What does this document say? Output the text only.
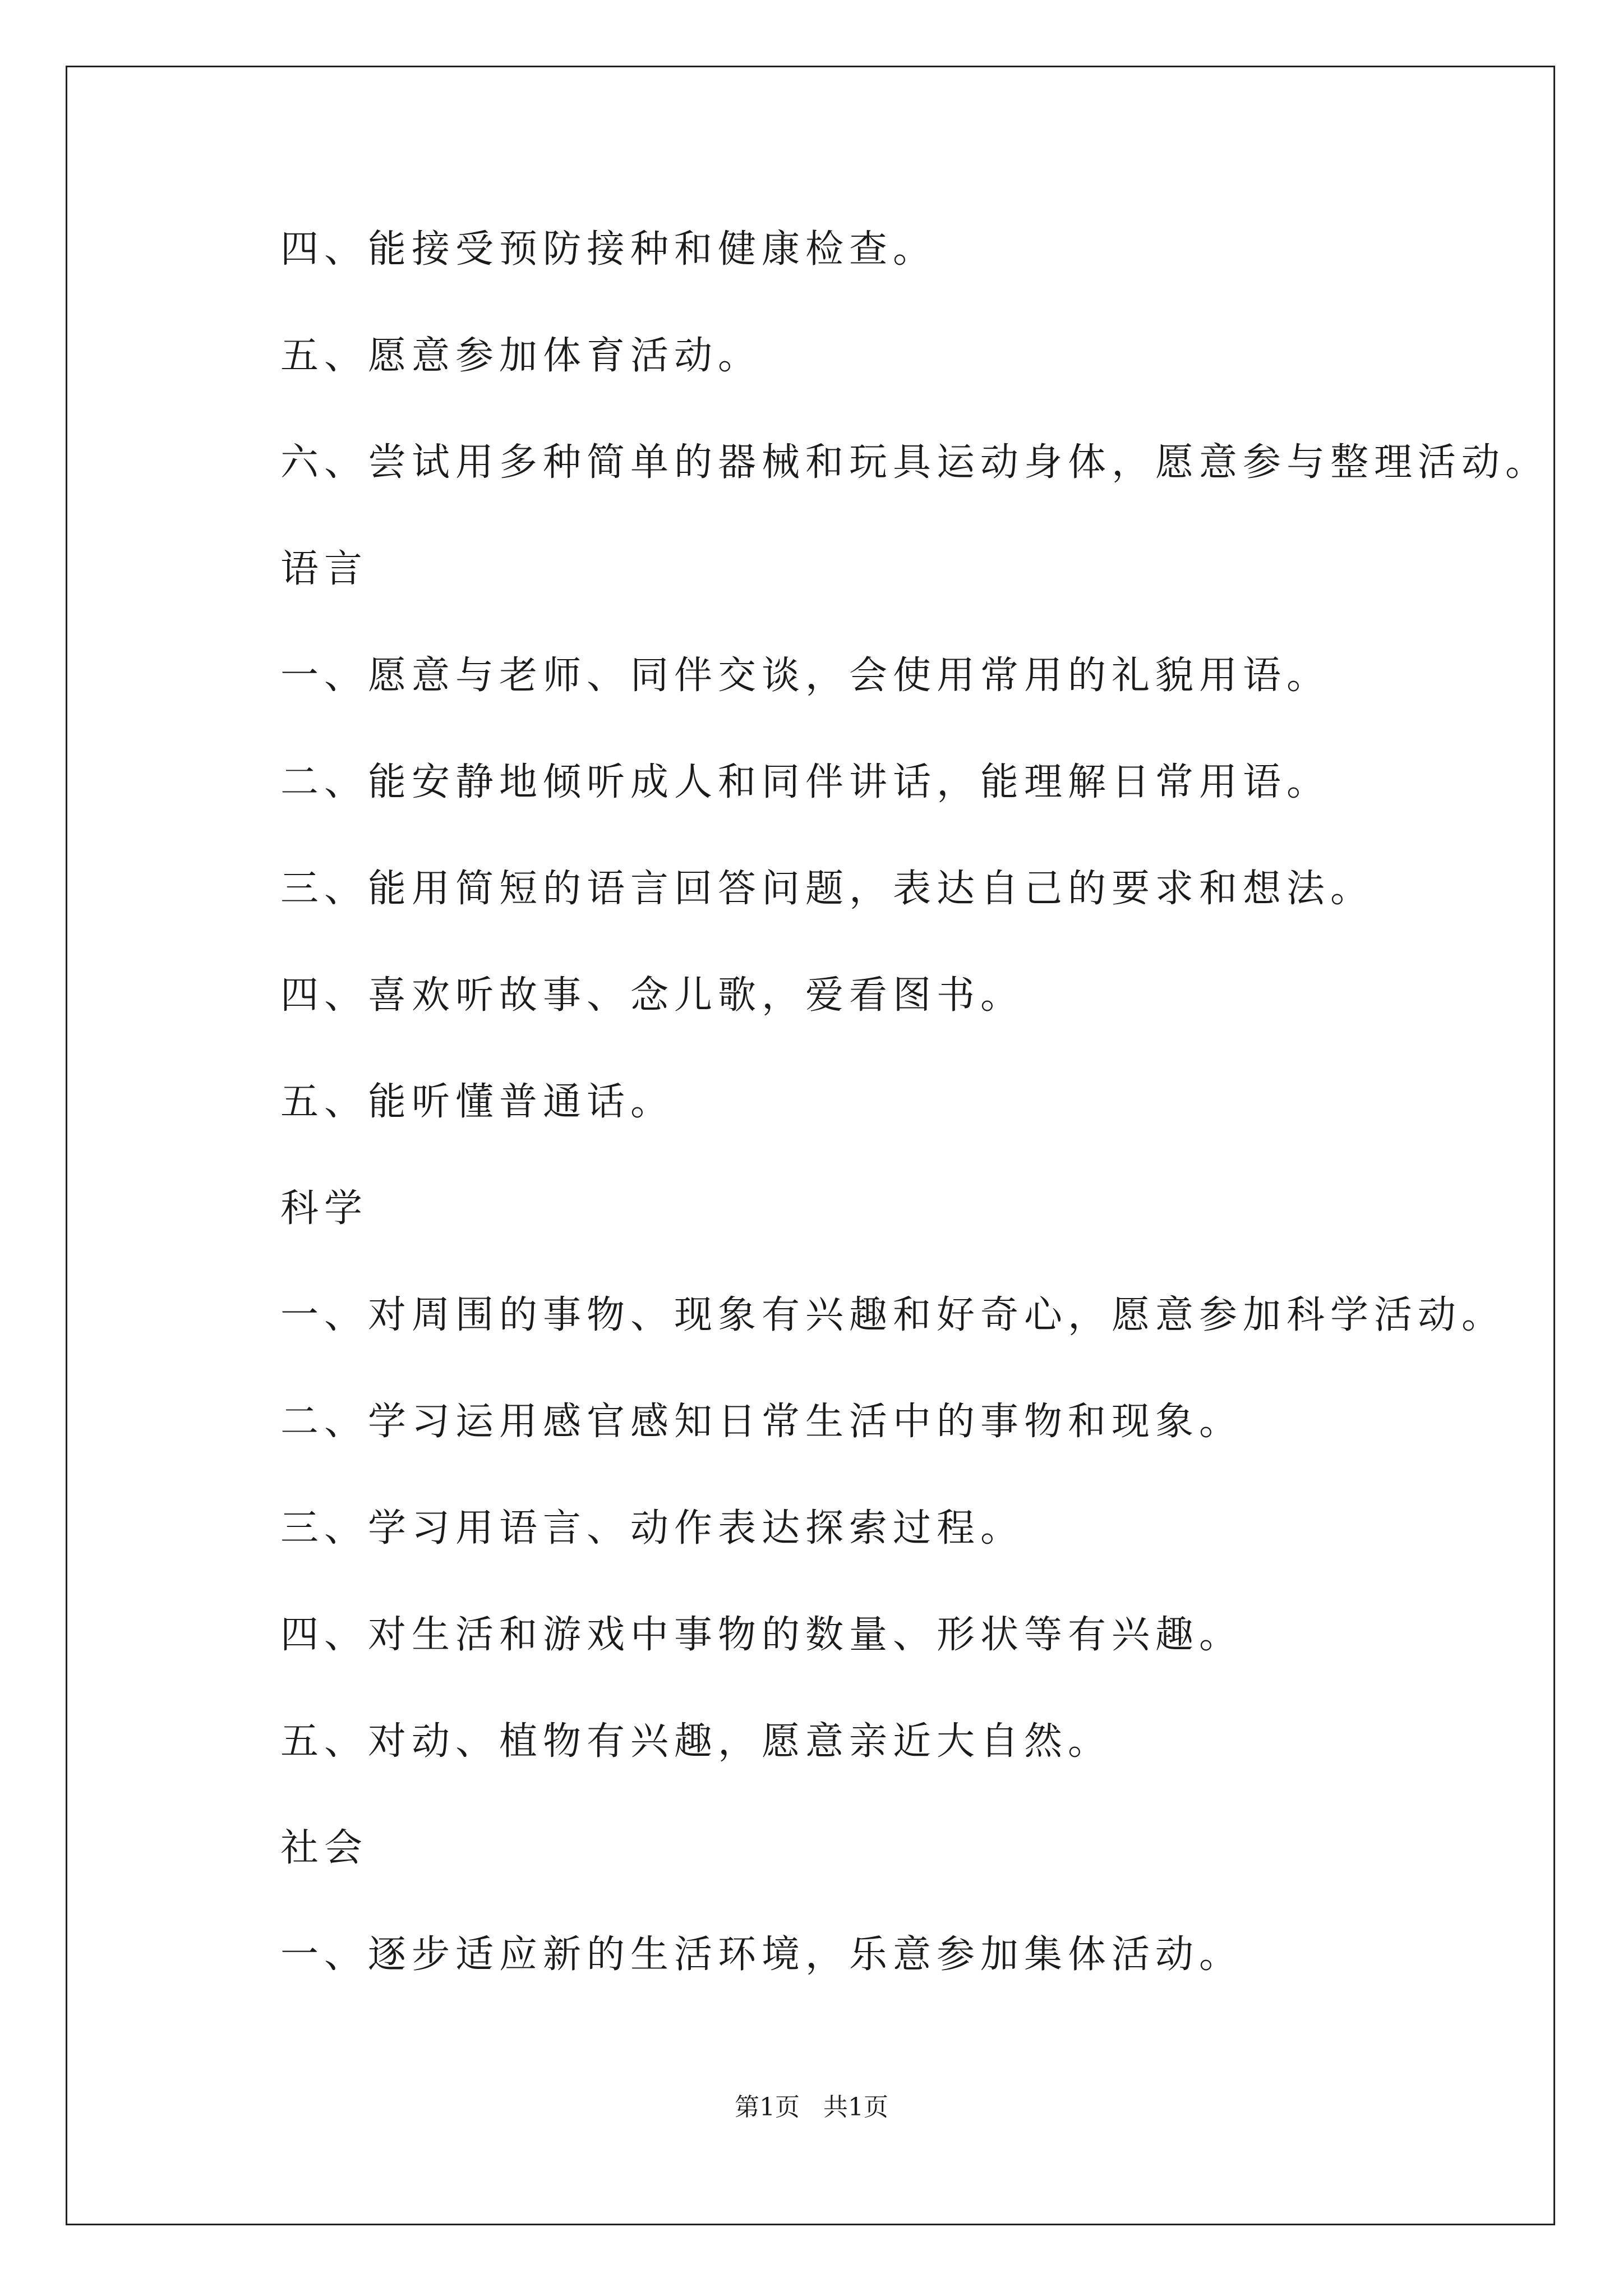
四、能接受预防接种和健康检查。
五、愿意参加体育活动。
六、尝试用多种简单的器械和玩具运动身体，愿意参与整理活动。
语言
一、愿意与老师、同伴交谈，会使用常用的礼貌用语。
二、能安静地倾听成人和同伴讲话，能理解日常用语。
三、能用简短的语言回答问题，表达自己的要求和想法。
四、喜欢听故事、念儿歌，爱看图书。
五、能听懂普通话。
科学
一、对周围的事物、现象有兴趣和好奇心，愿意参加科学活动。
二、学习运用感官感知日常生活中的事物和现象。
三、学习用语言、动作表达探索过程。
四、对生活和游戏中事物的数量、形状等有兴趣。
五、对动、植物有兴趣，愿意亲近大自然。
社会
一、逐步适应新的生活环境，乐意参加集体活动。
第1页 共1页
